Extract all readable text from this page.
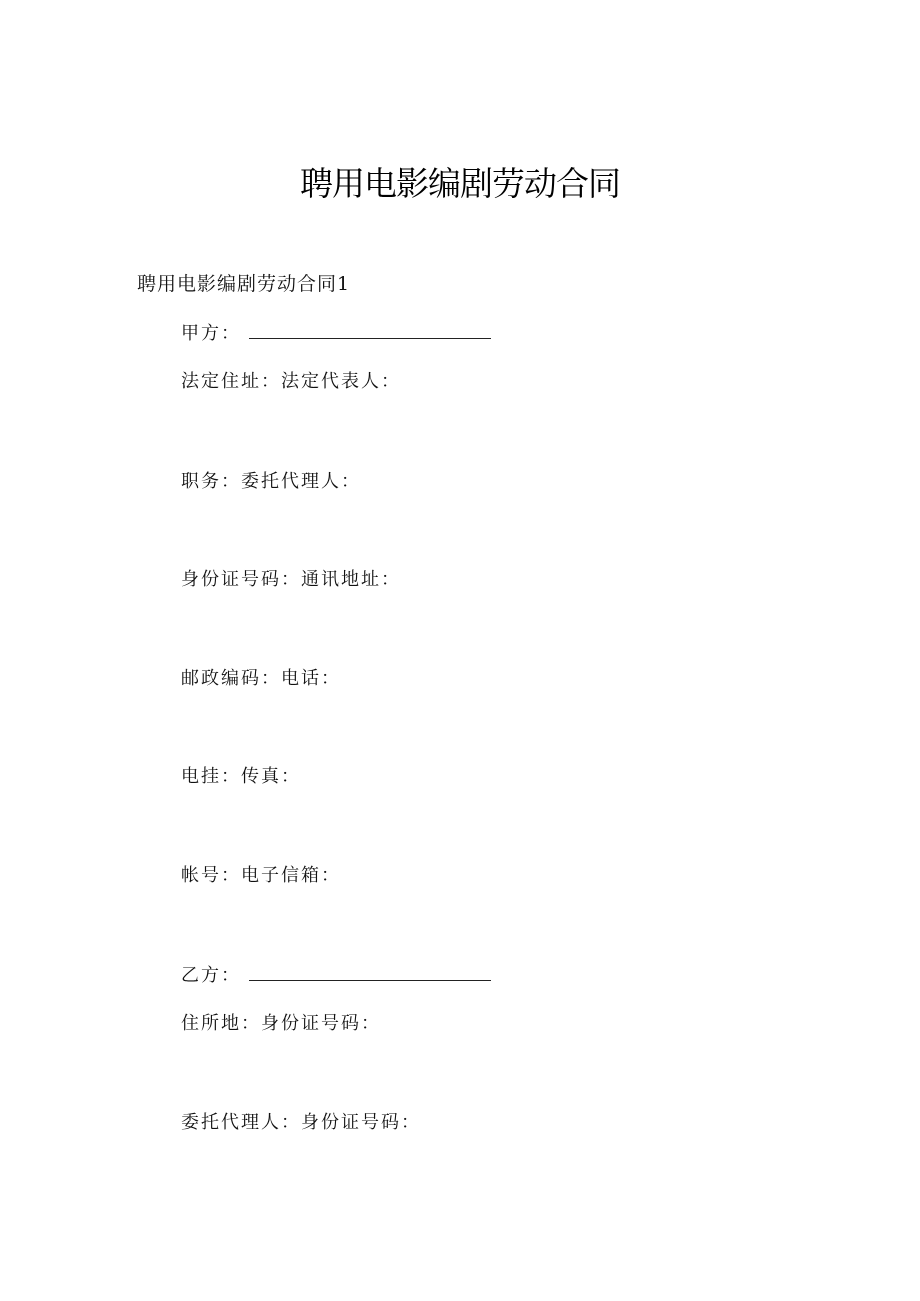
聘用电影编剧劳动合同
聘用电影编剧劳动合同1
甲方：
法定住址：法定代表人：
职务：委托代理人：
身份证号码：通讯地址：
邮政编码：电话：
电挂：传真：
帐号：电子信箱：
乙方：
住所地：身份证号码：
委托代理人：身份证号码：
